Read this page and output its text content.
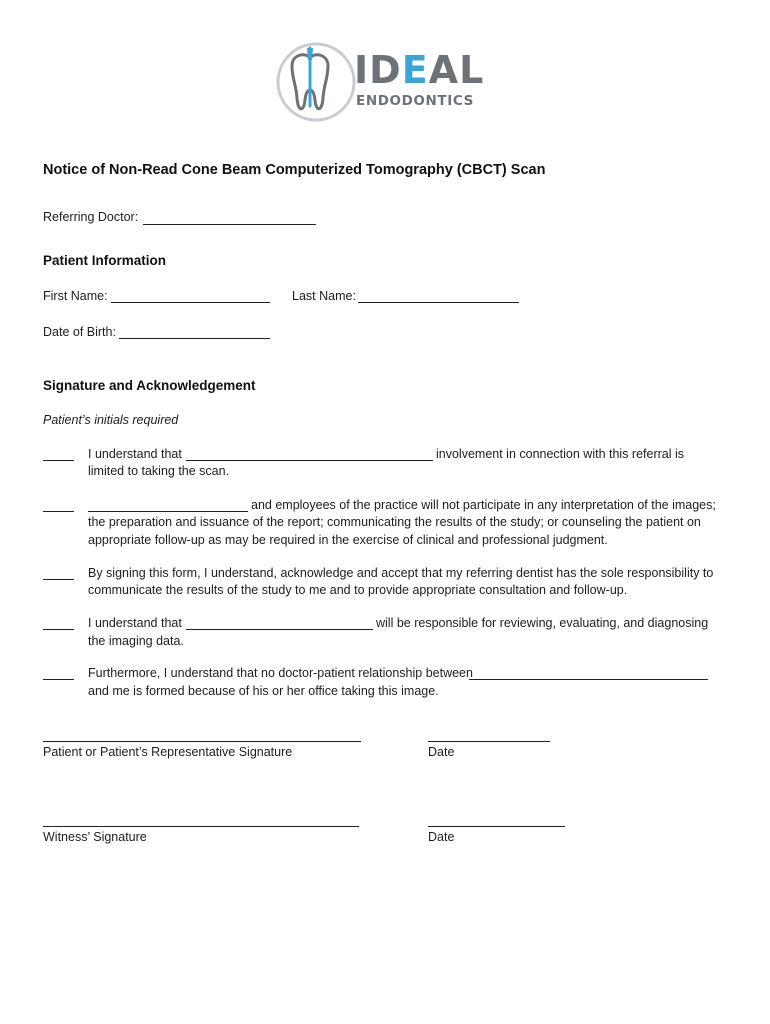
IDEAL
ENDODONTICS
Notice of Non-Read Cone Beam Computerized Tomography (CBCT) Scan
Referring Doctor:
Patient Information
First Name:	Last Name:
Date of Birth:
Signature and Acknowledgement
Patient’s initials required
I understand that	involvement in connection with this referral is
limited to taking the scan.
and employees of the practice will not participate in any interpretation of the images;
the preparation and issuance of the report; communicating the results of the study; or counseling the patient on
appropriate follow-up as may be required in the exercise of clinical and professional judgment.
By signing this form, I understand, acknowledge and accept that my referring dentist has the sole responsibility to
communicate the results of the study to me and to provide appropriate consultation and follow-up.
I understand that	will be responsible for reviewing, evaluating, and diagnosing
the imaging data.
Furthermore, I understand that no doctor-patient relationship between
and me is formed because of his or her office taking this image.
Patient or Patient’s Representative Signature	Date
Witness’ Signature	Date
